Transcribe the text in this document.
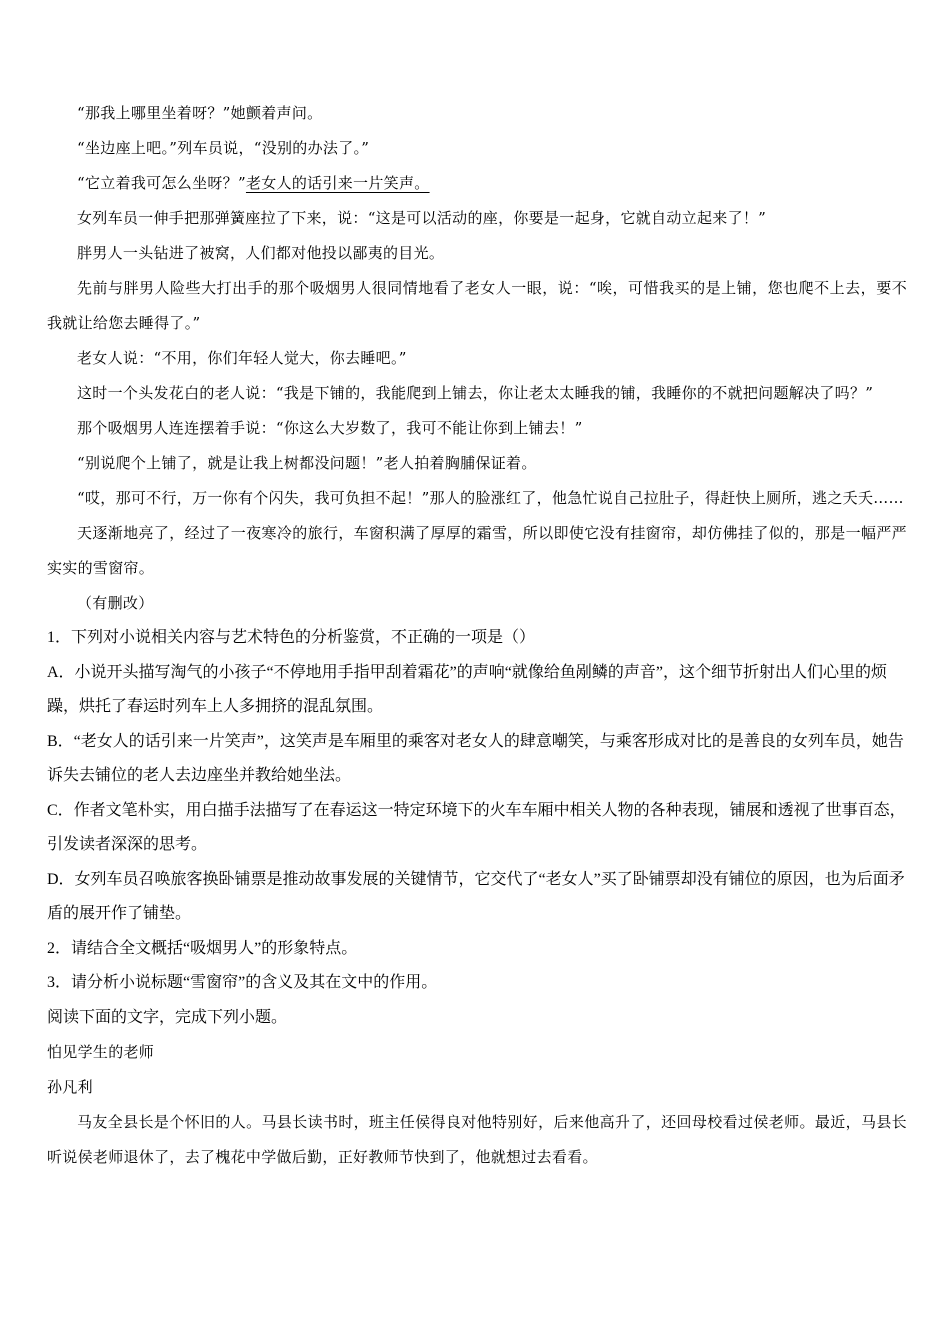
“那我上哪里坐着呀？”她颤着声问。

“坐边座上吧。”列车员说，“没别的办法了。”

“它立着我可怎么坐呀？”老女人的话引来一片笑声。

女列车员一伸手把那弹簧座拉了下来，说：“这是可以活动的座，你要是一起身，它就自动立起来了！”

胖男人一头钻进了被窝，人们都对他投以鄙夷的目光。

先前与胖男人险些大打出手的那个吸烟男人很同情地看了老女人一眼，说：“唉，可惜我买的是上铺，您也爬不上去，要不我就让给您去睡得了。”

老女人说：“不用，你们年轻人觉大，你去睡吧。”

这时一个头发花白的老人说：“我是下铺的，我能爬到上铺去，你让老太太睡我的铺，我睡你的不就把问题解决了吗？”

那个吸烟男人连连摆着手说：“你这么大岁数了，我可不能让你到上铺去！”

“别说爬个上铺了，就是让我上树都没问题！”老人拍着胸脯保证着。

“哎，那可不行，万一你有个闪失，我可负担不起！”那人的脸涨红了，他急忙说自己拉肚子，得赶快上厕所，逃之夭夭……

天逐渐地亮了，经过了一夜寒冷的旅行，车窗积满了厚厚的霜雪，所以即使它没有挂窗帘，却仿佛挂了似的，那是一幅严严实实的雪窗帘。

（有删改）

1．下列对小说相关内容与艺术特色的分析鉴赏，不正确的一项是（）

A．小说开头描写淘气的小孩子“不停地用手指甲刮着霜花”的声响“就像给鱼剐鳞的声音”，这个细节折射出人们心里的烦躁，烘托了春运时列车上人多拥挤的混乱氛围。

B．“老女人的话引来一片笑声”，这笑声是车厢里的乘客对老女人的肆意嘲笑，与乘客形成对比的是善良的女列车员，她告诉失去铺位的老人去边座坐并教给她坐法。

C．作者文笔朴实，用白描手法描写了在春运这一特定环境下的火车车厢中相关人物的各种表现，铺展和透视了世事百态，引发读者深深的思考。

D．女列车员召唤旅客换卧铺票是推动故事发展的关键情节，它交代了“老女人”买了卧铺票却没有铺位的原因，也为后面矛盾的展开作了铺垫。

2．请结合全文概括“吸烟男人”的形象特点。

3．请分析小说标题“雪窗帘”的含义及其在文中的作用。

阅读下面的文字，完成下列小题。

怕见学生的老师

孙凡利

马友全县长是个怀旧的人。马县长读书时，班主任侯得良对他特别好，后来他高升了，还回母校看过侯老师。最近，马县长听说侯老师退休了，去了槐花中学做后勤，正好教师节快到了，他就想过去看看。
